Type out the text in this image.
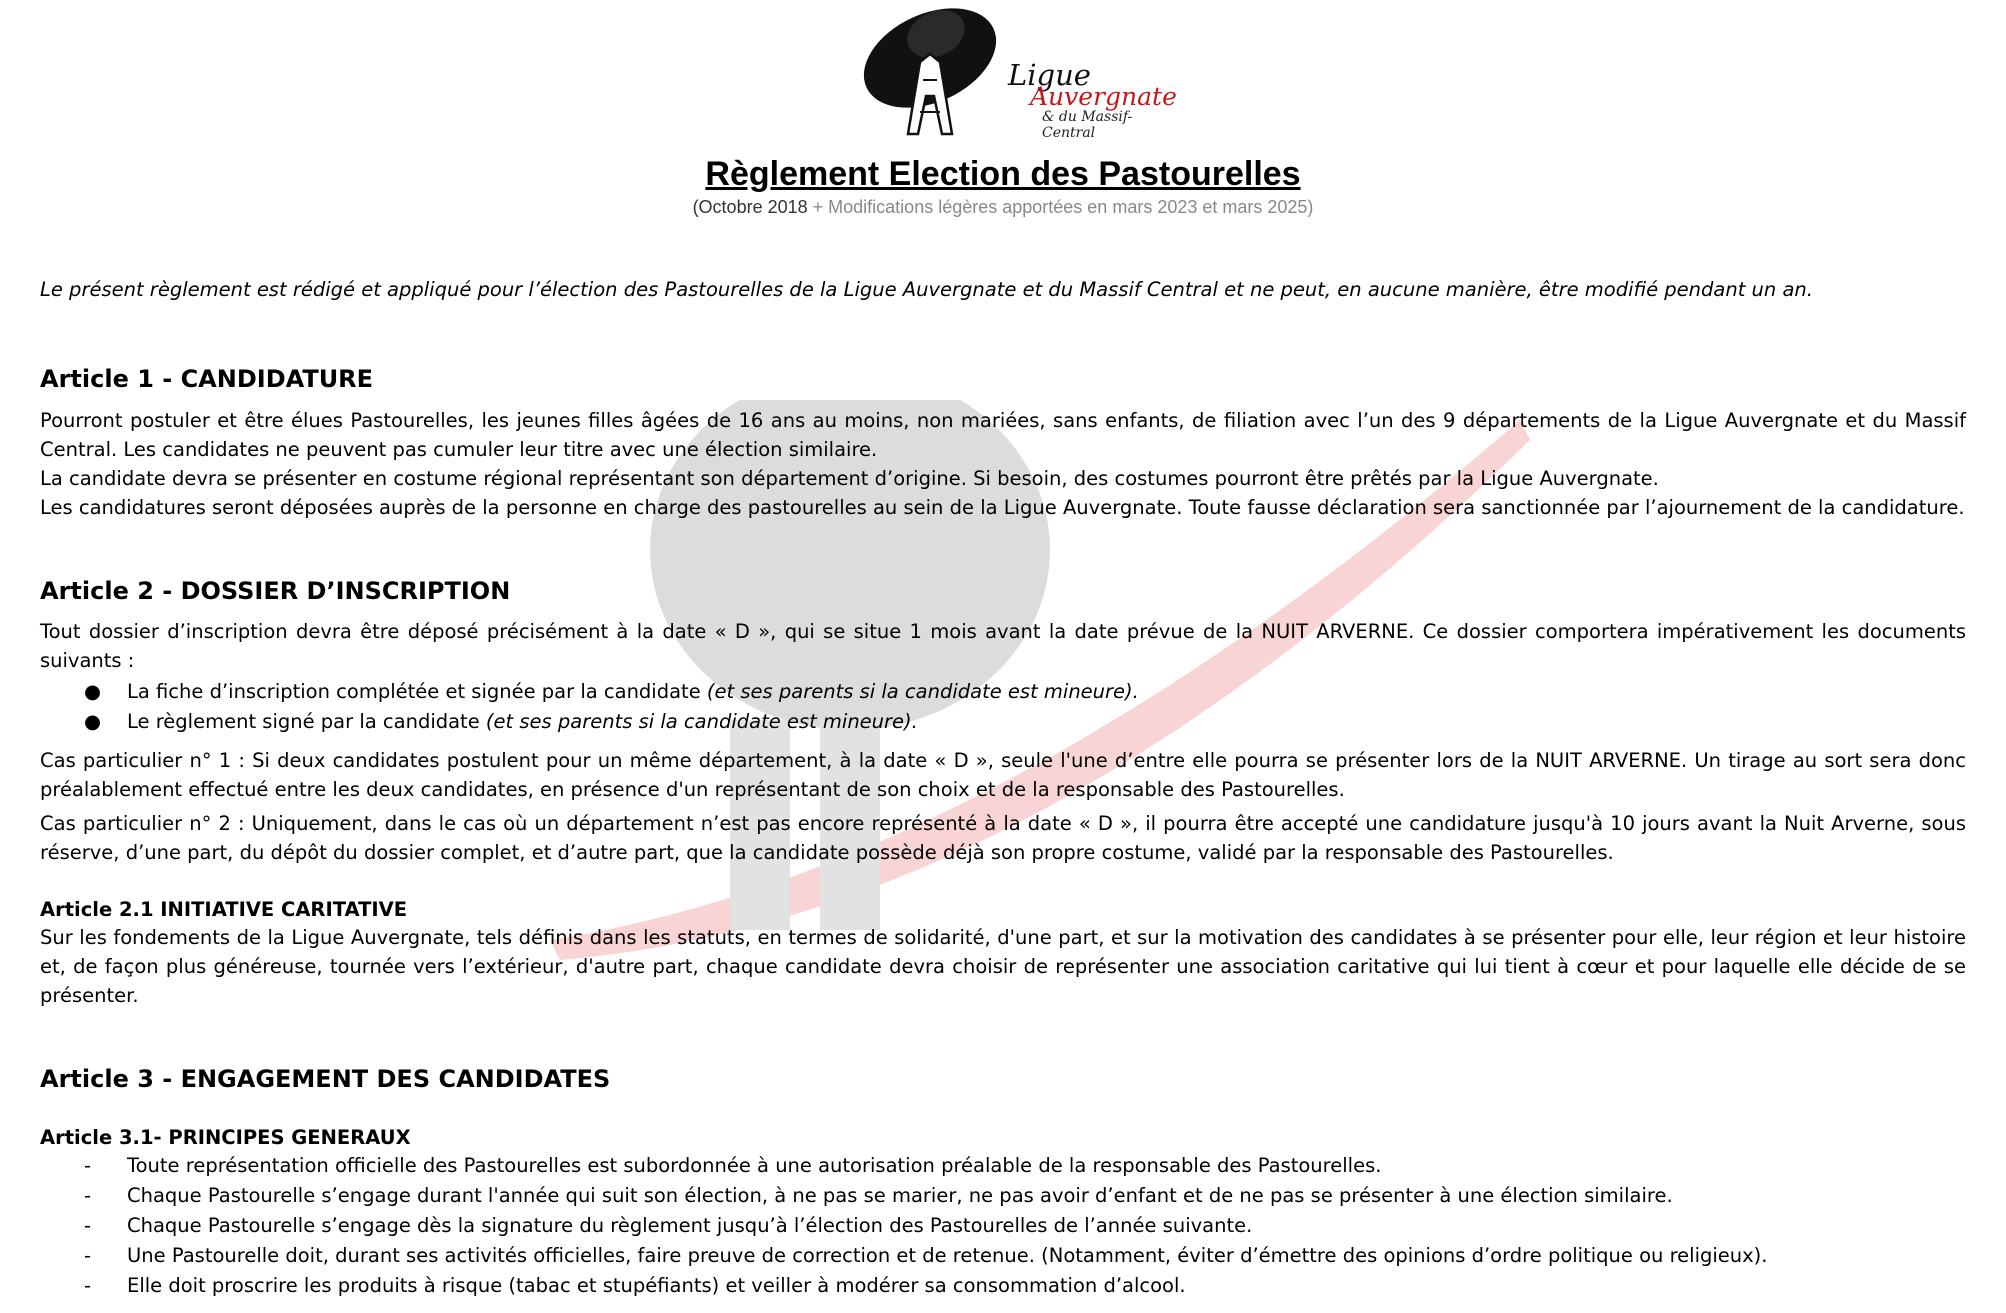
Ligue
Auvergnate
& du Massif-Central
Règlement Election des Pastourelles
(Octobre 2018 + Modifications légères apportées en mars 2023 et mars 2025)
Le présent règlement est rédigé et appliqué pour l’élection des Pastourelles de la Ligue Auvergnate et du Massif Central et ne peut, en aucune manière, être modifié pendant un an.
Article 1 - CANDIDATURE
Pourront postuler et être élues Pastourelles, les jeunes filles âgées de 16 ans au moins, non mariées, sans enfants, de filiation avec l’un des 9 départements de la Ligue Auvergnate et du Massif Central. Les candidates ne peuvent pas cumuler leur titre avec une élection similaire.
La candidate devra se présenter en costume régional représentant son département d’origine. Si besoin, des costumes pourront être prêtés par la Ligue Auvergnate.
Les candidatures seront déposées auprès de la personne en charge des pastourelles au sein de la Ligue Auvergnate. Toute fausse déclaration sera sanctionnée par l’ajournement de la candidature.
Article 2 - DOSSIER D’INSCRIPTION
Tout dossier d’inscription devra être déposé précisément à la date « D », qui se situe 1 mois avant la date prévue de la NUIT ARVERNE. Ce dossier comportera impérativement les documents suivants :
● La fiche d’inscription complétée et signée par la candidate (et ses parents si la candidate est mineure).
● Le règlement signé par la candidate (et ses parents si la candidate est mineure).
Cas particulier n° 1 : Si deux candidates postulent pour un même département, à la date « D », seule l'une d’entre elle pourra se présenter lors de la NUIT ARVERNE. Un tirage au sort sera donc préalablement effectué entre les deux candidates, en présence d'un représentant de son choix et de la responsable des Pastourelles.
Cas particulier n° 2 : Uniquement, dans le cas où un département n’est pas encore représenté à la date « D », il pourra être accepté une candidature jusqu'à 10 jours avant la Nuit Arverne, sous réserve, d’une part, du dépôt du dossier complet, et d’autre part, que la candidate possède déjà son propre costume, validé par la responsable des Pastourelles.
Article 2.1 INITIATIVE CARITATIVE
Sur les fondements de la Ligue Auvergnate, tels définis dans les statuts, en termes de solidarité, d'une part, et sur la motivation des candidates à se présenter pour elle, leur région et leur histoire et, de façon plus généreuse, tournée vers l’extérieur, d'autre part, chaque candidate devra choisir de représenter une association caritative qui lui tient à cœur et pour laquelle elle décide de se présenter.
Article 3 - ENGAGEMENT DES CANDIDATES
Article 3.1- PRINCIPES GENERAUX
- Toute représentation officielle des Pastourelles est subordonnée à une autorisation préalable de la responsable des Pastourelles.
- Chaque Pastourelle s’engage durant l'année qui suit son élection, à ne pas se marier, ne pas avoir d’enfant et de ne pas se présenter à une élection similaire.
- Chaque Pastourelle s’engage dès la signature du règlement jusqu’à l’élection des Pastourelles de l’année suivante.
- Une Pastourelle doit, durant ses activités officielles, faire preuve de correction et de retenue. (Notamment, éviter d’émettre des opinions d’ordre politique ou religieux).
- Elle doit proscrire les produits à risque (tabac et stupéfiants) et veiller à modérer sa consommation d’alcool.
